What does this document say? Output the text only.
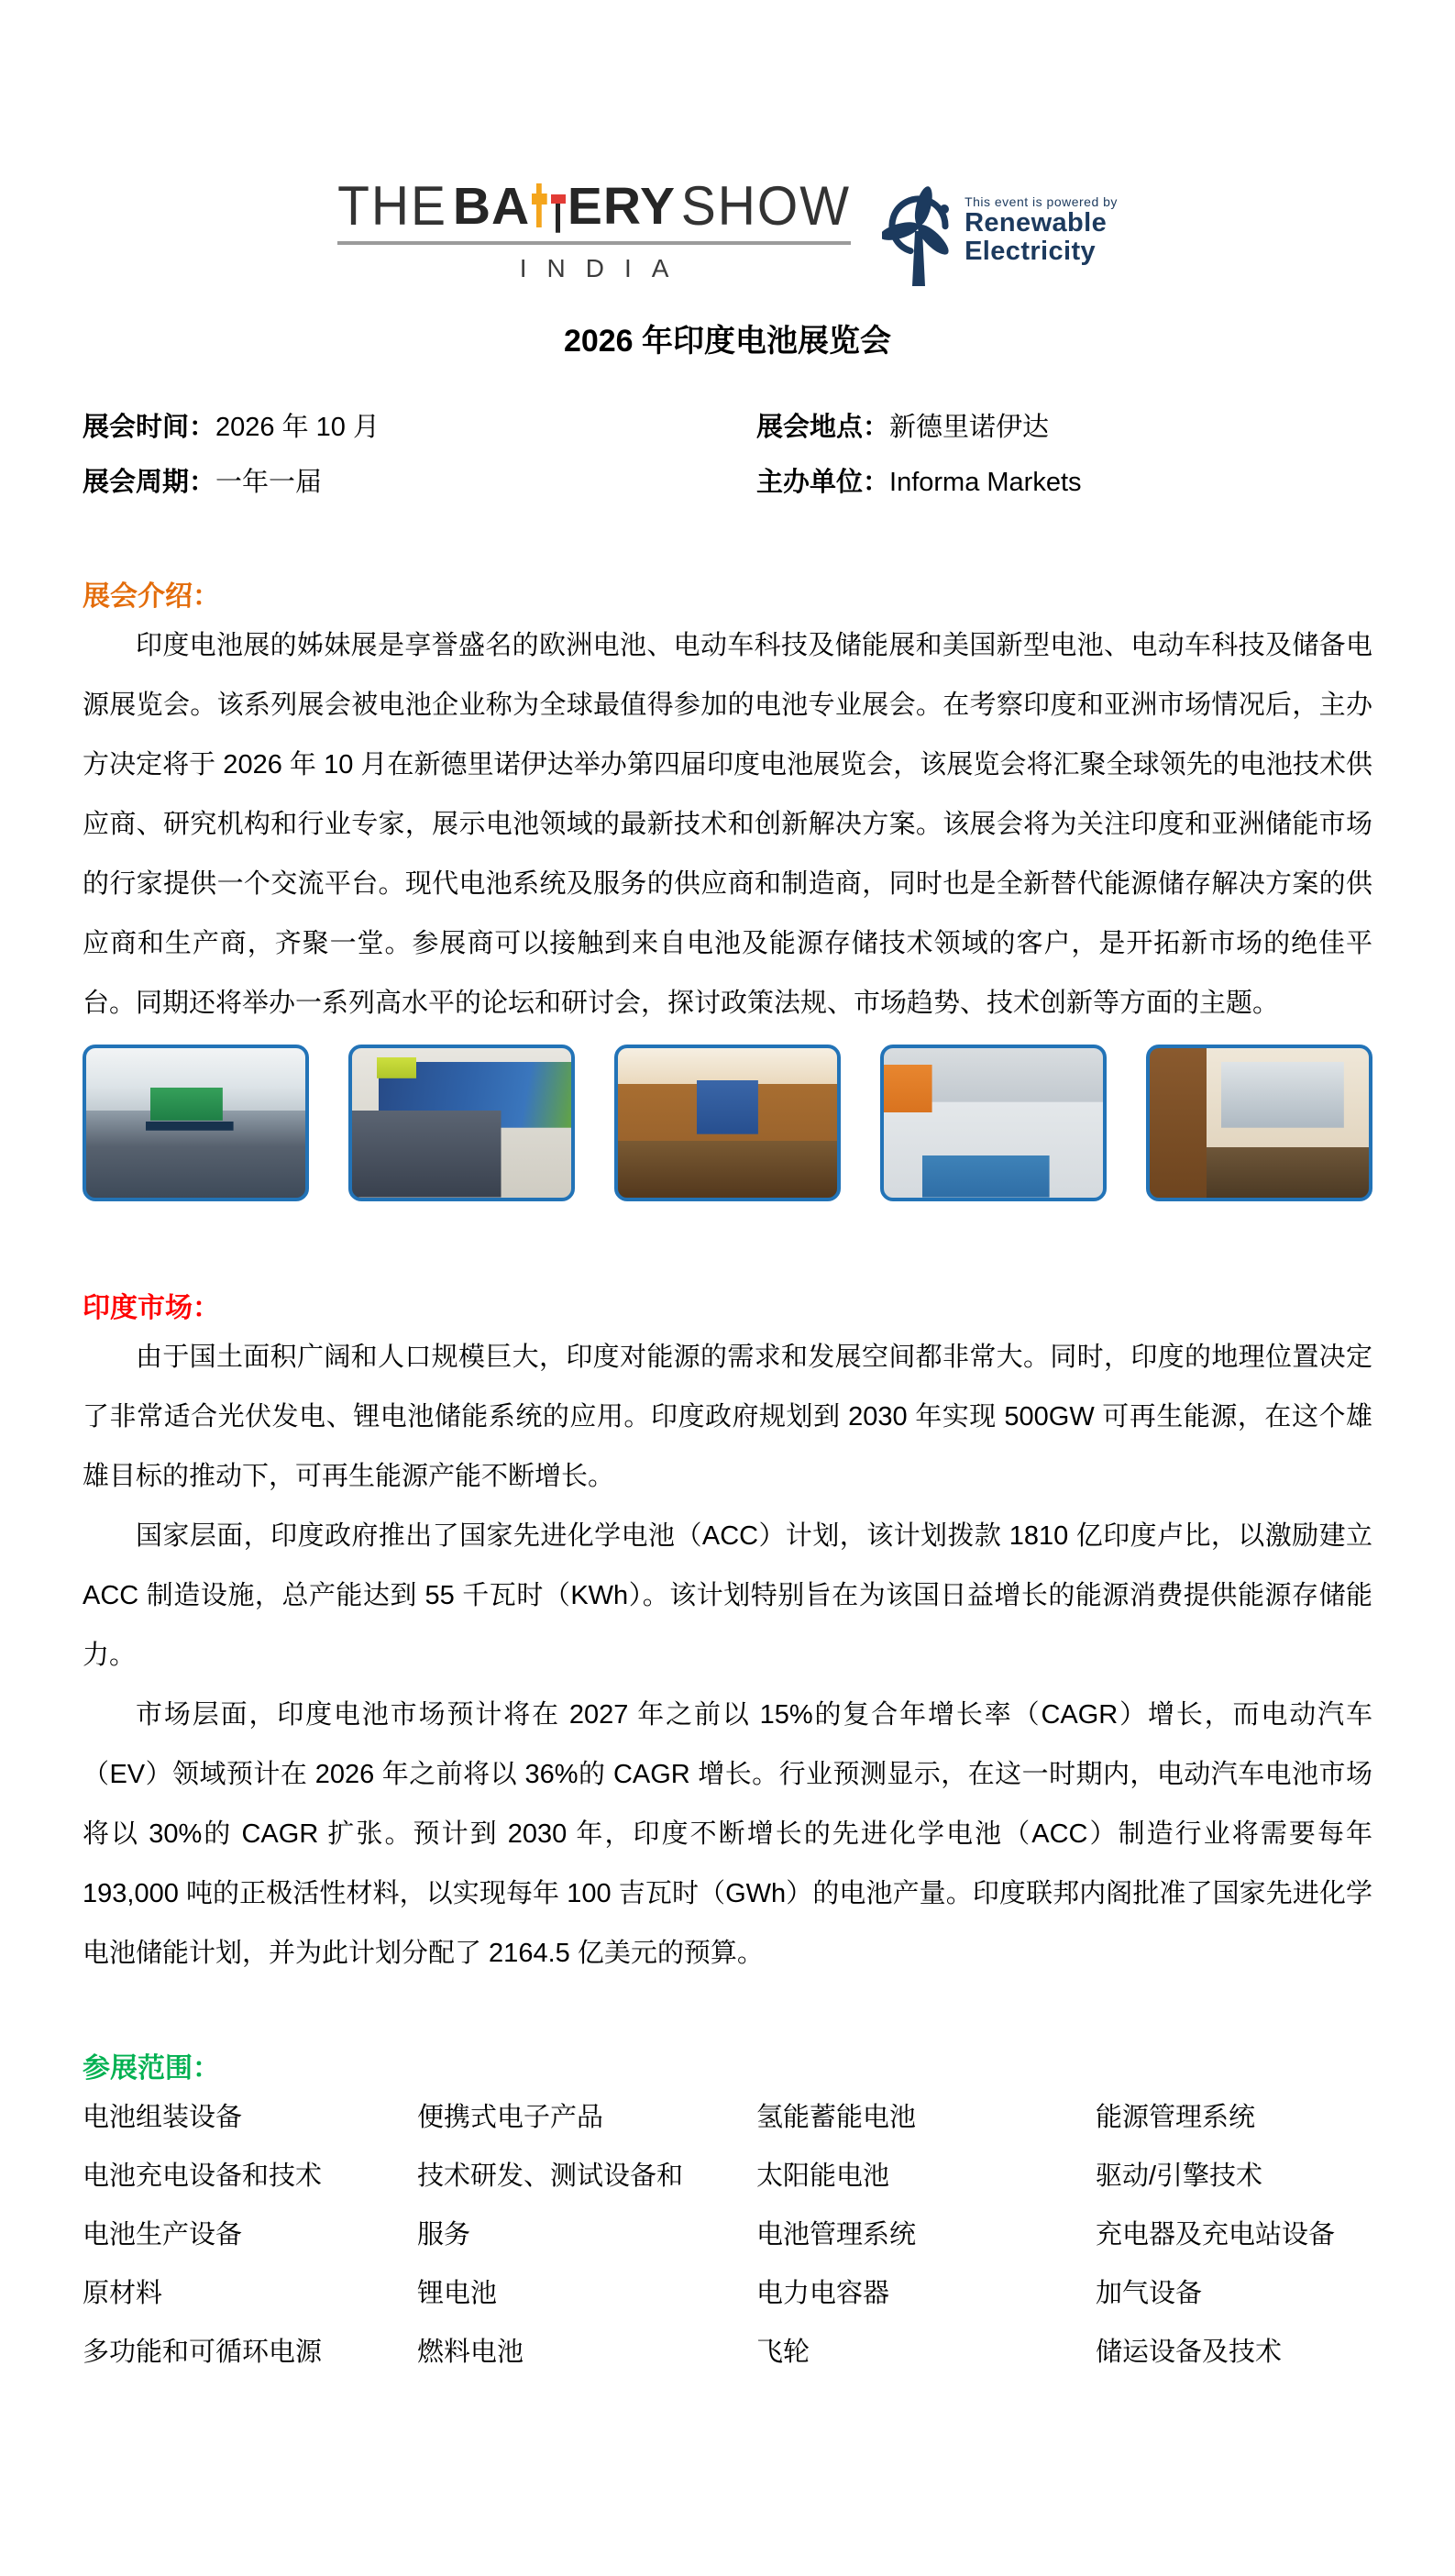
THE BA ERY SHOW
INDIA
This event is powered by
Renewable
Electricity
2026 年印度电池展览会
展会时间：2026 年 10 月	展会地点：新德里诺伊达
展会周期：一年一届	主办单位：Informa Markets
展会介绍：

印度电池展的姊妹展是享誉盛名的欧洲电池、电动车科技及储能展和美国新型电池、电动车科技及储备电源展览会。该系列展会被电池企业称为全球最值得参加的电池专业展会。在考察印度和亚洲市场情况后，主办方决定将于 2026 年 10 月在新德里诺伊达举办第四届印度电池展览会，该展览会将汇聚全球领先的电池技术供应商、研究机构和行业专家，展示电池领域的最新技术和创新解决方案。该展会将为关注印度和亚洲储能市场的行家提供一个交流平台。现代电池系统及服务的供应商和制造商，同时也是全新替代能源储存解决方案的供应商和生产商，齐聚一堂。参展商可以接触到来自电池及能源存储技术领域的客户，是开拓新市场的绝佳平台。同期还将举办一系列高水平的论坛和研讨会，探讨政策法规、市场趋势、技术创新等方面的主题。

印度市场：

由于国土面积广阔和人口规模巨大，印度对能源的需求和发展空间都非常大。同时，印度的地理位置决定了非常适合光伏发电、锂电池储能系统的应用。印度政府规划到 2030 年实现 500GW 可再生能源，在这个雄雄目标的推动下，可再生能源产能不断增长。

国家层面，印度政府推出了国家先进化学电池（ACC）计划，该计划拨款 1810 亿印度卢比，以激励建立 ACC 制造设施，总产能达到 55 千瓦时（KWh）。该计划特别旨在为该国日益增长的能源消费提供能源存储能力。

市场层面，印度电池市场预计将在 2027 年之前以 15%的复合年增长率（CAGR）增长，而电动汽车（EV）领域预计在 2026 年之前将以 36%的 CAGR 增长。行业预测显示，在这一时期内，电动汽车电池市场将以 30%的 CAGR 扩张。预计到 2030 年，印度不断增长的先进化学电池（ACC）制造行业将需要每年 193,000 吨的正极活性材料，以实现每年 100 吉瓦时（GWh）的电池产量。印度联邦内阁批准了国家先进化学电池储能计划，并为此计划分配了 2164.5 亿美元的预算。

参展范围：
电池组装设备	便携式电子产品	氢能蓄能电池	能源管理系统
电池充电设备和技术	技术研发、测试设备和	太阳能电池	驱动/引擎技术
电池生产设备	服务	电池管理系统	充电器及充电站设备
原材料	锂电池	电力电容器	加气设备
多功能和可循环电源	燃料电池	飞轮	储运设备及技术
